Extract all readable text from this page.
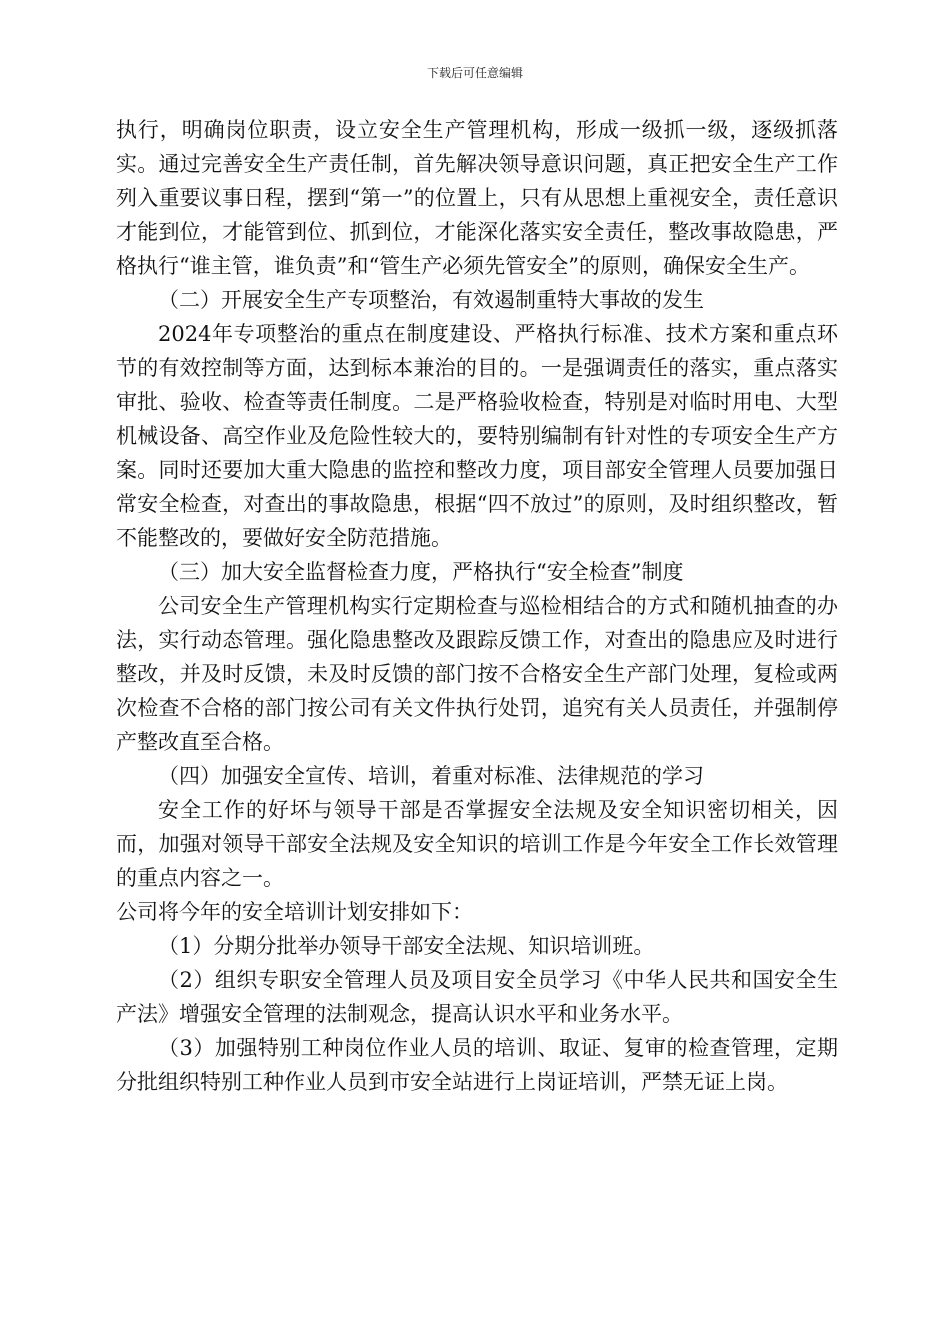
下载后可任意编辑

执行，明确岗位职责，设立安全生产管理机构，形成一级抓一级，逐级抓落实。通过完善安全生产责任制，首先解决领导意识问题，真正把安全生产工作列入重要议事日程，摆到“第一”的位置上，只有从思想上重视安全，责任意识才能到位，才能管到位、抓到位，才能深化落实安全责任，整改事故隐患，严格执行“谁主管，谁负责”和“管生产必须先管安全”的原则，确保安全生产。

（二）开展安全生产专项整治，有效遏制重特大事故的发生

2024年专项整治的重点在制度建设、严格执行标准、技术方案和重点环节的有效控制等方面，达到标本兼治的目的。一是强调责任的落实，重点落实审批、验收、检查等责任制度。二是严格验收检查，特别是对临时用电、大型机械设备、高空作业及危险性较大的，要特别编制有针对性的专项安全生产方案。同时还要加大重大隐患的监控和整改力度，项目部安全管理人员要加强日常安全检查，对查出的事故隐患，根据“四不放过”的原则，及时组织整改，暂不能整改的，要做好安全防范措施。

（三）加大安全监督检查力度，严格执行“安全检查”制度

公司安全生产管理机构实行定期检查与巡检相结合的方式和随机抽查的办法，实行动态管理。强化隐患整改及跟踪反馈工作，对查出的隐患应及时进行整改，并及时反馈，未及时反馈的部门按不合格安全生产部门处理，复检或两次检查不合格的部门按公司有关文件执行处罚，追究有关人员责任，并强制停产整改直至合格。

（四）加强安全宣传、培训，着重对标准、法律规范的学习

安全工作的好坏与领导干部是否掌握安全法规及安全知识密切相关，因而，加强对领导干部安全法规及安全知识的培训工作是今年安全工作长效管理的重点内容之一。

公司将今年的安全培训计划安排如下：

（1）分期分批举办领导干部安全法规、知识培训班。

（2）组织专职安全管理人员及项目安全员学习《中华人民共和国安全生产法》增强安全管理的法制观念，提高认识水平和业务水平。

（3）加强特别工种岗位作业人员的培训、取证、复审的检查管理，定期分批组织特别工种作业人员到市安全站进行上岗证培训，严禁无证上岗。
